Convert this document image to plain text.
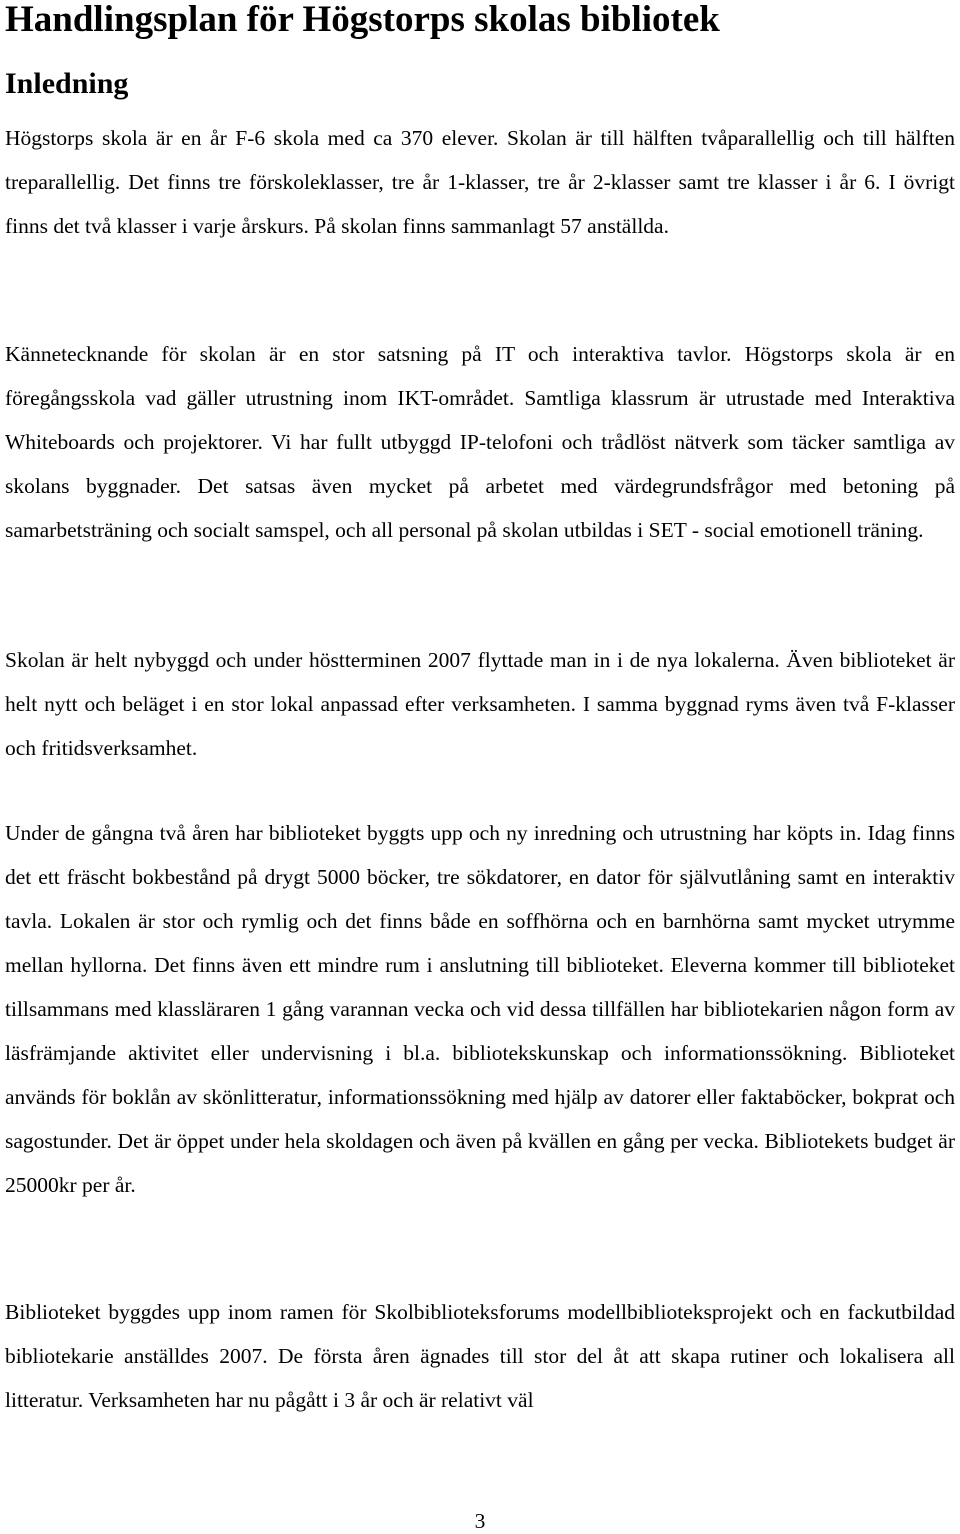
Handlingsplan för Högstorps skolas bibliotek
Inledning

Högstorps skola är en år F-6 skola med ca 370 elever. Skolan är till hälften tvåparallellig och till hälften treparallellig. Det finns tre förskoleklasser, tre år 1-klasser, tre år 2-klasser samt tre klasser i år 6. I övrigt finns det två klasser i varje årskurs. På skolan finns sammanlagt 57 anställda.

Kännetecknande för skolan är en stor satsning på IT och interaktiva tavlor. Högstorps skola är en föregångsskola vad gäller utrustning inom IKT-området. Samtliga klassrum är utrustade med Interaktiva Whiteboards och projektorer. Vi har fullt utbyggd IP-telofoni och trådlöst nätverk som täcker samtliga av skolans byggnader. Det satsas även mycket på arbetet med värdegrundsfrågor med betoning på samarbetsträning och socialt samspel, och all personal på skolan utbildas i SET - social emotionell träning.

Skolan är helt nybyggd och under höstterminen 2007 flyttade man in i de nya lokalerna. Även biblioteket är helt nytt och beläget i en stor lokal anpassad efter verksamheten. I samma byggnad ryms även två F-klasser och fritidsverksamhet.

Under de gångna två åren har biblioteket byggts upp och ny inredning och utrustning har köpts in. Idag finns det ett fräscht bokbestånd på drygt 5000 böcker, tre sökdatorer, en dator för självutlåning samt en interaktiv tavla. Lokalen är stor och rymlig och det finns både en soffhörna och en barnhörna samt mycket utrymme mellan hyllorna. Det finns även ett mindre rum i anslutning till biblioteket. Eleverna kommer till biblioteket tillsammans med klassläraren 1 gång varannan vecka och vid dessa tillfällen har bibliotekarien någon form av läsfrämjande aktivitet eller undervisning i bl.a. bibliotekskunskap och informationssökning. Biblioteket används för boklån av skönlitteratur, informationssökning med hjälp av datorer eller faktaböcker, bokprat och sagostunder. Det är öppet under hela skoldagen och även på kvällen en gång per vecka. Bibliotekets budget är 25000kr per år.

Biblioteket byggdes upp inom ramen för Skolbiblioteksforums modellbiblioteksprojekt och en fackutbildad bibliotekarie anställdes 2007. De första åren ägnades till stor del åt att skapa rutiner och lokalisera all litteratur. Verksamheten har nu pågått i 3 år och är relativt väl

3
